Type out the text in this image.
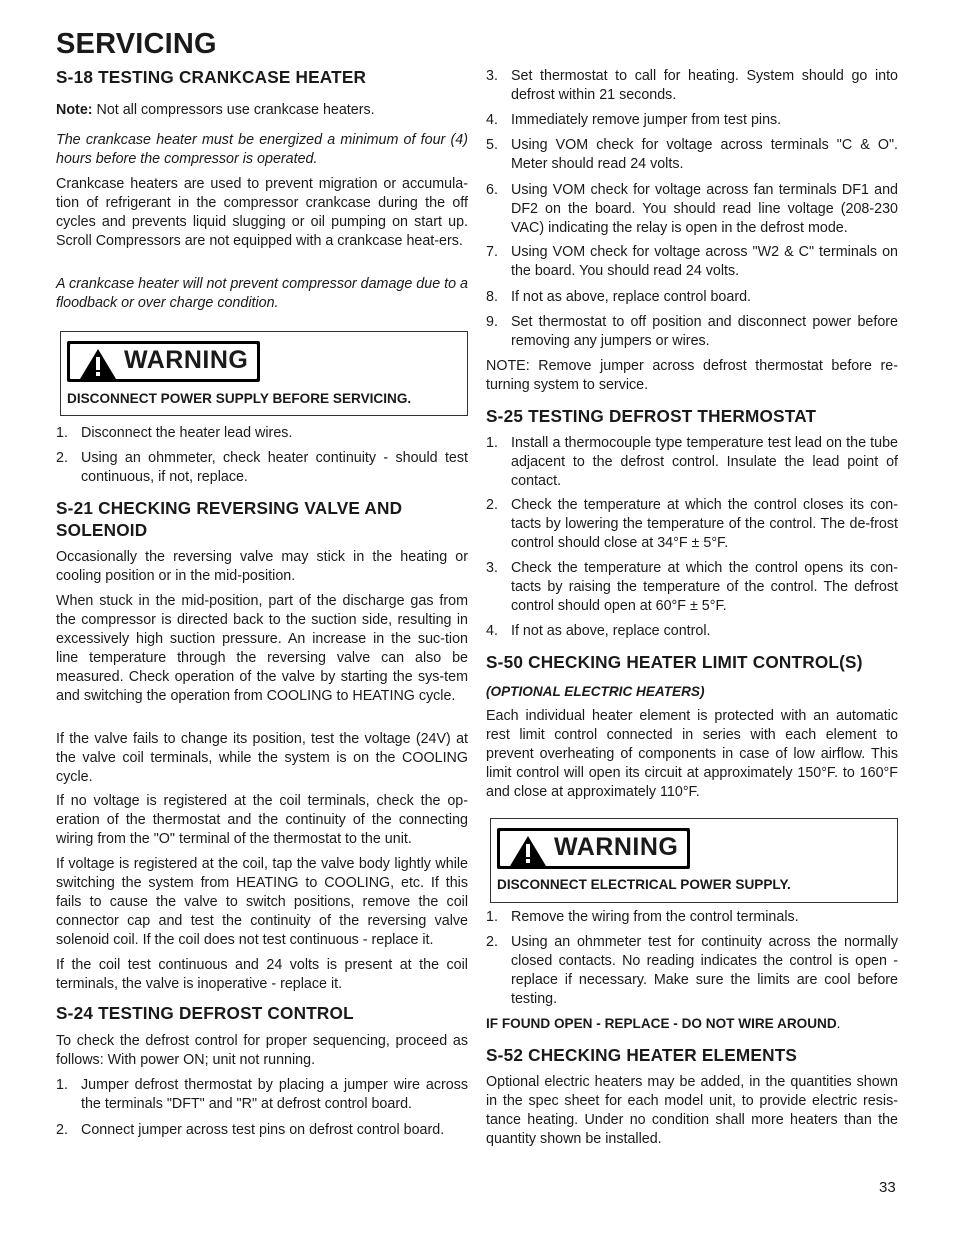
SERVICING
S-18 TESTING CRANKCASE HEATER

Note: Not all compressors use crankcase heaters.

The crankcase heater must be energized a minimum of four (4) hours before the compressor is operated.

Crankcase heaters are used to prevent migration or accumula-tion of refrigerant in the compressor crankcase during the off cycles and prevents liquid slugging or oil pumping on start up. Scroll Compressors are not equipped with a crankcase heat-ers.

A crankcase heater will not prevent compressor damage due to a floodback or over charge condition.

WARNING
DISCONNECT POWER SUPPLY BEFORE SERVICING.
1. Disconnect the heater lead wires.
2. Using an ohmmeter, check heater continuity - should test continuous, if not, replace.
S-21 CHECKING REVERSING VALVE AND SOLENOID

Occasionally the reversing valve may stick in the heating or cooling position or in the mid-position.

When stuck in the mid-position, part of the discharge gas from the compressor is directed back to the suction side, resulting in excessively high suction pressure. An increase in the suc-tion line temperature through the reversing valve can also be measured. Check operation of the valve by starting the sys-tem and switching the operation from COOLING to HEATING cycle.

If the valve fails to change its position, test the voltage (24V) at the valve coil terminals, while the system is on the COOLING cycle.

If no voltage is registered at the coil terminals, check the op-eration of the thermostat and the continuity of the connecting wiring from the "O" terminal of the thermostat to the unit.

If voltage is registered at the coil, tap the valve body lightly while switching the system from HEATING to COOLING, etc. If this fails to cause the valve to switch positions, remove the coil connector cap and test the continuity of the reversing valve solenoid coil. If the coil does not test continuous - replace it.

If the coil test continuous and 24 volts is present at the coil terminals, the valve is inoperative - replace it.

S-24 TESTING DEFROST CONTROL

To check the defrost control for proper sequencing, proceed as follows: With power ON; unit not running.

1. Jumper defrost thermostat by placing a jumper wire across the terminals "DFT" and "R" at defrost control board.
2. Connect jumper across test pins on defrost control board.
3. Set thermostat to call for heating. System should go into defrost within 21 seconds.
4. Immediately remove jumper from test pins.
5. Using VOM check for voltage across terminals "C & O". Meter should read 24 volts.
6. Using VOM check for voltage across fan terminals DF1 and DF2 on the board. You should read line voltage (208-230 VAC) indicating the relay is open in the defrost mode.
7. Using VOM check for voltage across "W2 & C" terminals on the board. You should read 24 volts.
8. If not as above, replace control board.
9. Set thermostat to off position and disconnect power before removing any jumpers or wires.

NOTE: Remove jumper across defrost thermostat before re-turning system to service.

S-25 TESTING DEFROST THERMOSTAT
1. Install a thermocouple type temperature test lead on the tube adjacent to the defrost control. Insulate the lead point of contact.
2. Check the temperature at which the control closes its con-tacts by lowering the temperature of the control. The de-frost control should close at 34°F ± 5°F.
3. Check the temperature at which the control opens its con-tacts by raising the temperature of the control. The defrost control should open at 60°F ± 5°F.
4. If not as above, replace control.
S-50 CHECKING HEATER LIMIT CONTROL(S)
(OPTIONAL ELECTRIC HEATERS)

Each individual heater element is protected with an automatic rest limit control connected in series with each element to prevent overheating of components in case of low airflow. This limit control will open its circuit at approximately 150°F. to 160°F and close at approximately 110°F.

WARNING
DISCONNECT ELECTRICAL POWER SUPPLY.
1. Remove the wiring from the control terminals.
2. Using an ohmmeter test for continuity across the normally closed contacts. No reading indicates the control is open - replace if necessary. Make sure the limits are cool before testing.
IF FOUND OPEN - REPLACE - DO NOT WIRE AROUND.
S-52 CHECKING HEATER ELEMENTS

Optional electric heaters may be added, in the quantities shown in the spec sheet for each model unit, to provide electric resis-tance heating. Under no condition shall more heaters than the quantity shown be installed.

33
